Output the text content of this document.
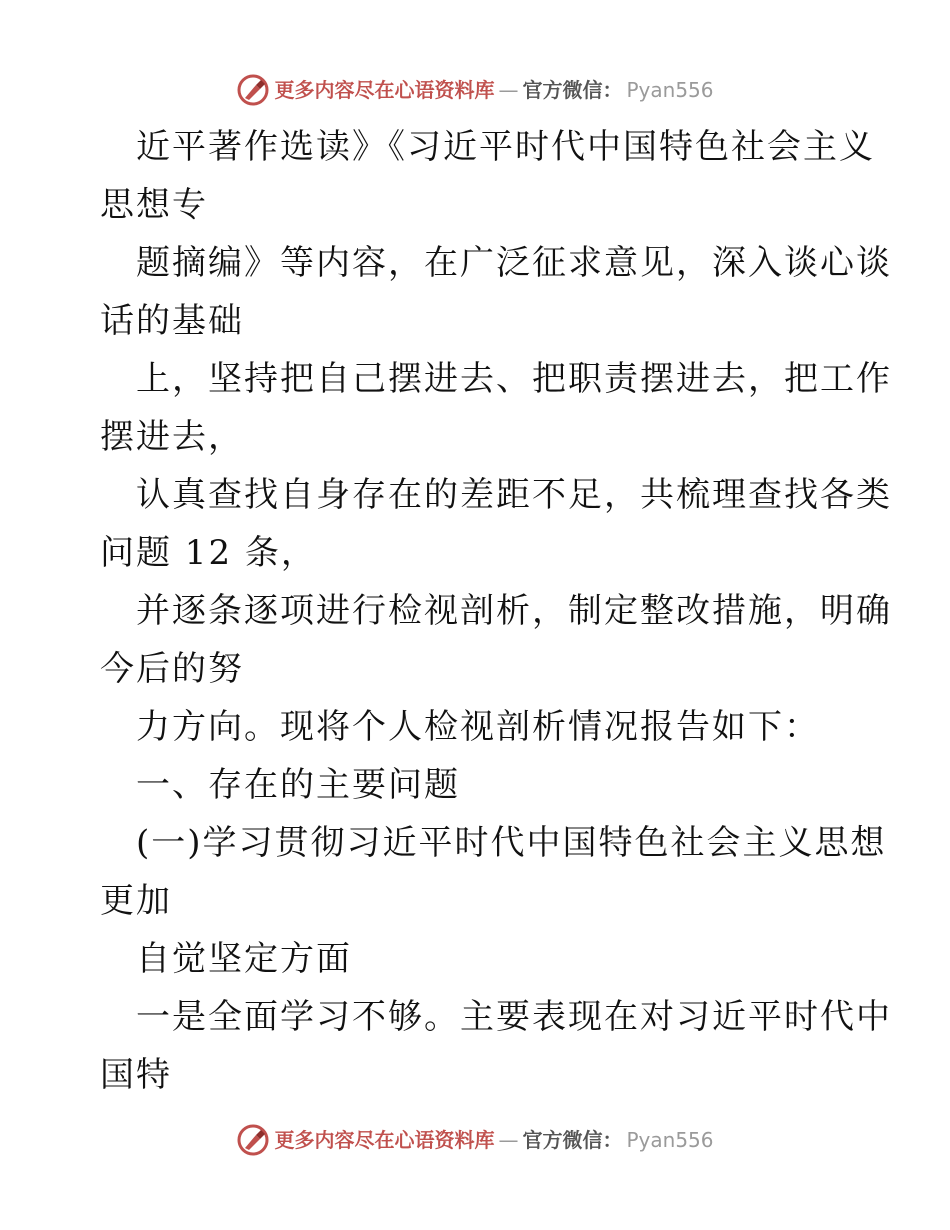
更多内容尽在心语资料库 — 官方微信： Pyan556
近平著作选读》《习近平时代中国特色社会主义
思想专
题摘编》等内容，在广泛征求意见，深入谈心谈
话的基础
上，坚持把自己摆进去、把职责摆进去，把工作
摆进去，
认真查找自身存在的差距不足，共梳理查找各类
问题 12 条，
并逐条逐项进行检视剖析，制定整改措施，明确
今后的努
力方向。现将个人检视剖析情况报告如下：
一、存在的主要问题
(一)学习贯彻习近平时代中国特色社会主义思想
更加
自觉坚定方面
一是全面学习不够。主要表现在对习近平时代中
国特
更多内容尽在心语资料库 — 官方微信： Pyan556
